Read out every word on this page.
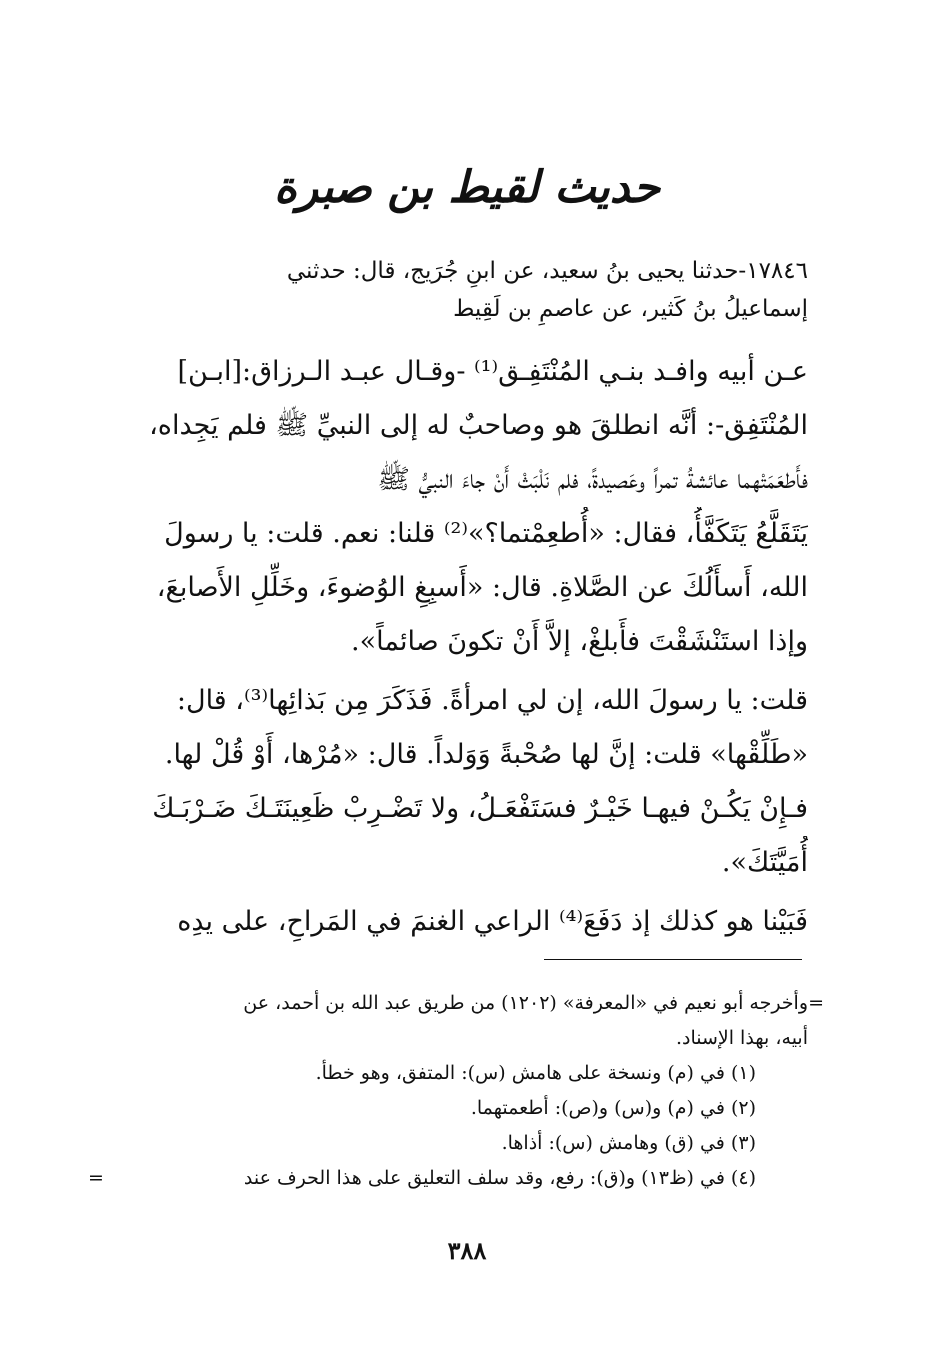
حديث لقيط بن صبرة
١٧٨٤٦-حدثنا يحيى بنُ سعيد، عن ابنِ جُرَيج، قال: حدثني
إسماعيلُ بنُ كَثير، عن عاصمِ بن لَقِيط
عـن أبيه وافـد بنـي المُنْتَفِـق⁽¹⁾ -وقـال عبـد الـرزاق:[ابـن]
المُنْتَفِق-: أنَّه انطلقَ هو وصاحبٌ له إلى النبيِّ ﷺ فلم يَجِداه،
فأَطعَمَتْهما عائشةُ تمراً وعَصيدةً، فلم نَلْبَثْ أَنْ جاءَ النبيُّ ﷺ
يَتَقَلَّعُ يَتَكَفَّأُ، فقال: «أُطعِمْتما؟»⁽²⁾ قلنا: نعم. قلت: يا رسولَ
الله، أَسأَلُكَ عن الصَّلاةِ. قال: «أَسبِغِ الوُضوءَ، وخَلِّلِ الأَصابعَ،
وإذا استَنْشَقْتَ فأَبلغْ، إلاَّ أَنْ تكونَ صائماً».
قلت: يا رسولَ الله، إن لي امرأةً. فَذَكَرَ مِن بَذائِها⁽³⁾، قال:
«طَلِّقْها» قلت: إنَّ لها صُحْبةً وَوَلداً. قال: «مُرْها، أَوْ قُلْ لها.
فـإِنْ يَكُـنْ فيهـا خَيْـرٌ فسَتَفْعَـلُ، ولا تَضْـرِبْ ظَعِينَتَـكَ ضَـرْبَـكَ
أُمَيَّتَكَ».
فَبَيْنا هو كذلك إذ دَفَعَ⁽⁴⁾ الراعي الغنمَ في المَراحِ، على يدِه
=
وأخرجه أبو نعيم في «المعرفة» (١٢٠٢) من طريق عبد الله بن أحمد، عن
أبيه، بهذا الإسناد.
(١) في (م) ونسخة على هامش (س): المتفق، وهو خطأ.
(٢) في (م) و(س) و(ص): أطعمتهما.
(٣) في (ق) وهامش (س): أذاها.
(٤) في (ظ١٣) و(ق): رفع، وقد سلف التعليق على هذا الحرف عند
=
٣٨٨
